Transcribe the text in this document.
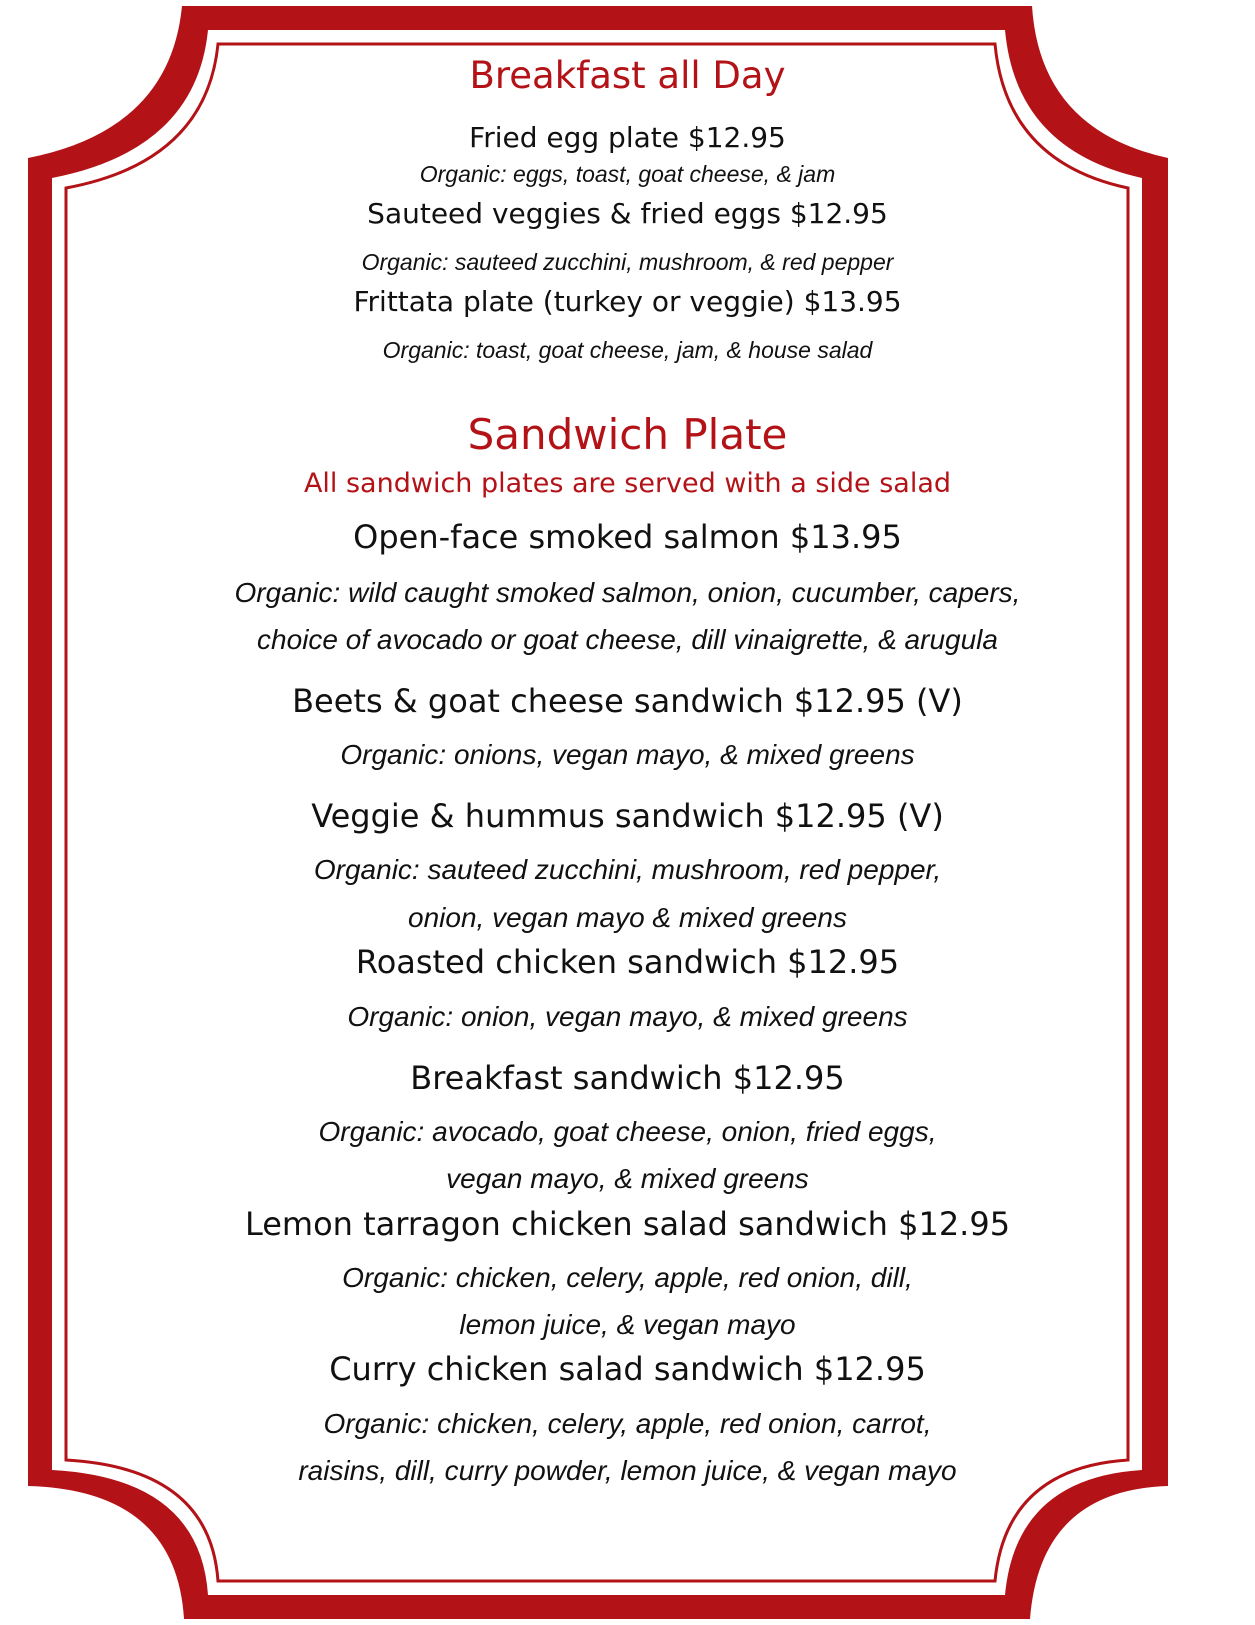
Breakfast all Day
Fried egg plate $12.95
Organic: eggs, toast, goat cheese, & jam
Sauteed veggies & fried eggs $12.95
Organic: sauteed zucchini, mushroom, & red pepper
Frittata plate (turkey or veggie) $13.95
Organic: toast, goat cheese, jam, & house salad
Sandwich Plate
All sandwich plates are served with a side salad
Open-face smoked salmon $13.95
Organic: wild caught smoked salmon, onion, cucumber, capers,
choice of avocado or goat cheese, dill vinaigrette, & arugula
Beets & goat cheese sandwich $12.95 (V)
Organic: onions, vegan mayo, & mixed greens
Veggie & hummus sandwich $12.95 (V)
Organic: sauteed zucchini, mushroom, red pepper,
onion, vegan mayo & mixed greens
Roasted chicken sandwich $12.95
Organic: onion, vegan mayo, & mixed greens
Breakfast sandwich $12.95
Organic: avocado, goat cheese, onion, fried eggs,
vegan mayo, & mixed greens
Lemon tarragon chicken salad sandwich $12.95
Organic: chicken, celery, apple, red onion, dill,
lemon juice, & vegan mayo
Curry chicken salad sandwich $12.95
Organic: chicken, celery, apple, red onion, carrot,
raisins, dill, curry powder, lemon juice, & vegan mayo
